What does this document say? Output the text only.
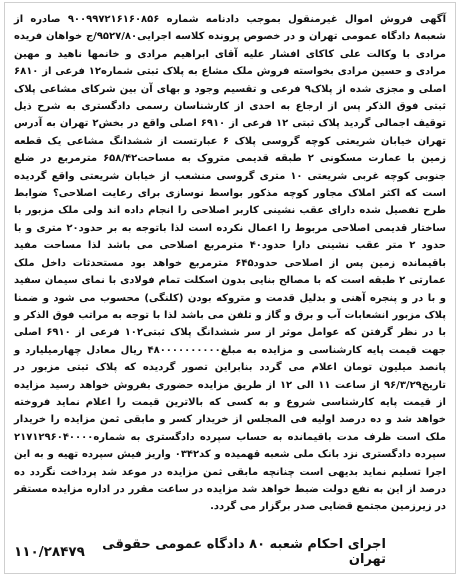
آگهی فروش اموال غیرمنقول بموجب دادنامه شماره ۹۰۰۹۹۷۲۱۶۱۶۰۸۵۶ صادره از شعبه۸ دادگاه عمومی تهران و در خصوص پرونده کلاسه اجرایی۹۵۲۷/۸۰/ج خواهان فریده مرادی با وکالت علی کاکای افشار علیه آقای ابراهیم مرادی و خانمها ناهید و مهین مرادی و حسین مرادی بخواسته فروش ملک مشاع به پلاک ثبتی شماره۱۲ فرعی از ۶۸۱۰ اصلی و مجزی شده از پلاک۹ فرعی و تقسیم وجود و بهای آن بین شرکای مشاعی پلاک ثبتی فوق الذکر پس از ارجاع به احدی از کارشناسان رسمی دادگستری به شرح ذیل توقیف اجمالی گردید پلاک ثبتی ۱۲ فرعی از ۶۹۱۰ اصلی واقع در بخش۲ تهران به آدرس تهران خیابان شریعتی کوچه گروسی پلاک ۶ عبارتست از ششدانگ مشاعی یک قطعه زمین با عمارت مسکونی ۲ طبقه قدیمی متروک به مساحت۶۵۸/۴۲ مترمربع در ضلع جنوبی کوچه غربی شریعتی ۱۰ متری گروسی منشعب از خیابان شریعتی واقع گردیده است که اکثر املاک مجاور کوچه مذکور بواسط نوسازی برای رعایت اصلاحی؟ ضوابط طرح تفصیل شده دارای عقب نشینی کاربر اصلاحی را انجام داده اند ولی ملک مزبور با ساختار قدیمی اصلاحی مربوط را اعمال نکرده است لذا باتوجه به بر حدود۲۰ متری و با حدود ۲ متر عقب نشینی دارا حدود۴۰ مترمربع اصلاحی می باشد لذا مساحت مفید باقیمانده زمین پس از اصلاحی حدود۶۴۵ مترمربع خواهد بود مستحدثات داخل ملک عمارتی ۲ طبقه است که با مصالح بنایی بدون اسکلت تمام فولادی با نمای سیمان سفید و با در و پنجره آهنی و بدلیل قدمت و متروکه بودن (کلنگی) محسوب می شود و ضمنا پلاک مزبور انشعابات آب و برق و گاز و تلفن می باشد لذا با توجه به مراتب فوق الذکر و با در نظر گرفتن که عوامل موثر از سر ششدانگ پلاک ثبتی۱۰۲ فرعی از ۶۹۱۰ اصلی جهت قیمت پایه کارشناسی و مزایده به مبلغ۴۸۰۰۰۰۰۰۰۰۰۰ ریال معادل چهارمیلیارد و پانصد میلیون تومان اعلام می گردد بنابراین تصور گردیده که پلاک ثبتی مزبور در تاریخ۹۶/۳/۲۹ از ساعت ۱۱ الی ۱۲ از طریق مزایده حضوری بفروش خواهد رسید مزایده از قیمت پایه کارشناسی شروع و به کسی که بالاترین قیمت را اعلام نماید فروخته خواهد شد و ده درصد اولیه فی المجلس از خریدار کسر و مابقی ثمن مزایده را خریدار ملک است ظرف مدت باقیمانده به حساب سپرده دادگستری به شماره۲۱۷۱۲۹۶۰۴۰۰۰۰ سپرده دادگستری نزد بانک ملی شعبه قهمیده و کد۰۳۴۲ واریز فیش سپرده تهیه و به این اجرا تسلیم نماید بدیهی است چنانچه مابقی ثمن مزایده در موعد شد پرداخت نگردد ده درصد از این به نفع دولت ضبط خواهد شد مزایده در ساعت مقرر در اداره مزایده مستقر در زیرزمین مجتمع قضایی صدر برگزار می گردد.

اجرای احکام شعبه ۸۰ دادگاه عمومی حقوقی تهران
۱۱۰/۲۸۴۷۹
